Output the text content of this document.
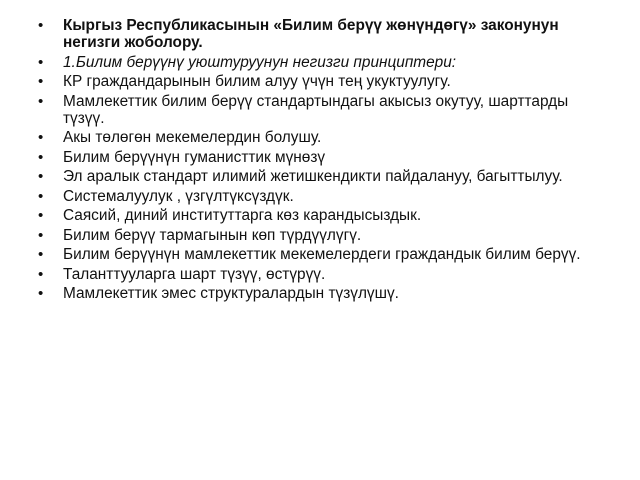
• Кыргыз Республикасынын «Билим берүү жөнүндөгү» законунун негизги жоболору.
• 1.Билим берүүнү уюштуруунун негизги принциптери:
• КР граждандарынын билим алуу үчүн тең укуктуулугу.
• Мамлекеттик билим берүү стандартындагы акысыз окутуу, шарттарды түзүү.
• Акы төлөгөн мекемелердин болушу.
• Билим берүүнүн гуманисттик мүнөзү
• Эл аралык стандарт илимий жетишкендикти пайдалануу, багыттылуу.
• Системалуулук , үзгүлтүксүздүк.
• Саясий, диний институттарга көз карандысыздык.
• Билим берүү тармагынын көп түрдүүлүгү.
• Билим берүүнүн мамлекеттик мекемелердеги граждандык билим берүү.
• Таланттууларга шарт түзүү, өстүрүү.
• Мамлекеттик эмес структуралардын түзүлүшү.
